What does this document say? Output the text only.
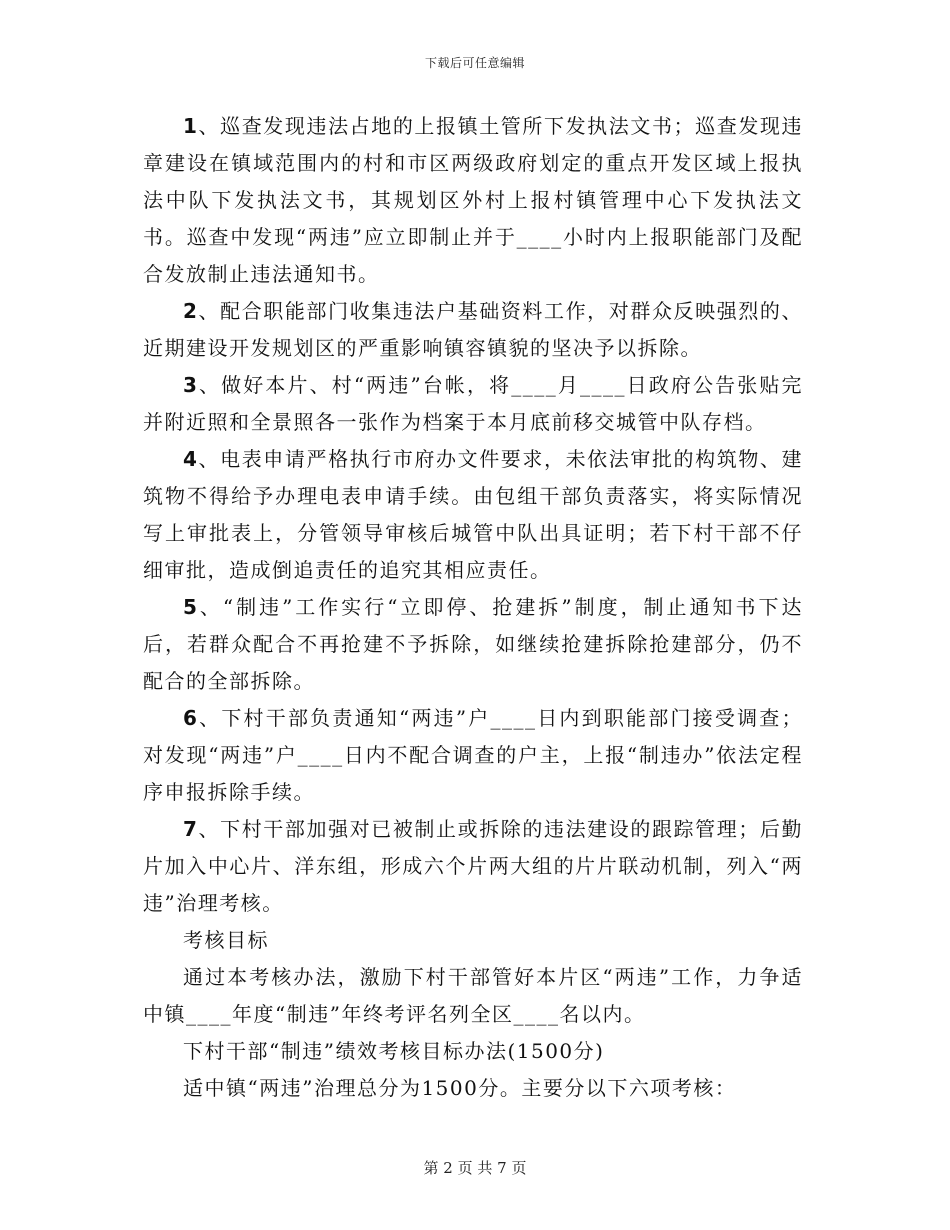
下载后可任意编辑

1、巡查发现违法占地的上报镇土管所下发执法文书；巡查发现违章建设在镇域范围内的村和市区两级政府划定的重点开发区域上报执法中队下发执法文书，其规划区外村上报村镇管理中心下发执法文书。巡查中发现“两违”应立即制止并于____小时内上报职能部门及配合发放制止违法通知书。

2、配合职能部门收集违法户基础资料工作，对群众反映强烈的、近期建设开发规划区的严重影响镇容镇貌的坚决予以拆除。

3、做好本片、村“两违”台帐，将____月____日政府公告张贴完并附近照和全景照各一张作为档案于本月底前移交城管中队存档。

4、电表申请严格执行市府办文件要求，未依法审批的构筑物、建筑物不得给予办理电表申请手续。由包组干部负责落实，将实际情况写上审批表上，分管领导审核后城管中队出具证明；若下村干部不仔细审批，造成倒追责任的追究其相应责任。

5、“制违”工作实行“立即停、抢建拆”制度，制止通知书下达后，若群众配合不再抢建不予拆除，如继续抢建拆除抢建部分，仍不配合的全部拆除。

6、下村干部负责通知“两违”户____日内到职能部门接受调查；对发现“两违”户____日内不配合调查的户主，上报“制违办”依法定程序申报拆除手续。

7、下村干部加强对已被制止或拆除的违法建设的跟踪管理；后勤片加入中心片、洋东组，形成六个片两大组的片片联动机制，列入“两违”治理考核。

考核目标

通过本考核办法，激励下村干部管好本片区“两违”工作，力争适中镇____年度“制违”年终考评名列全区____名以内。

下村干部“制违”绩效考核目标办法(1500分)

适中镇“两违”治理总分为1500分。主要分以下六项考核：

第 2 页 共 7 页
